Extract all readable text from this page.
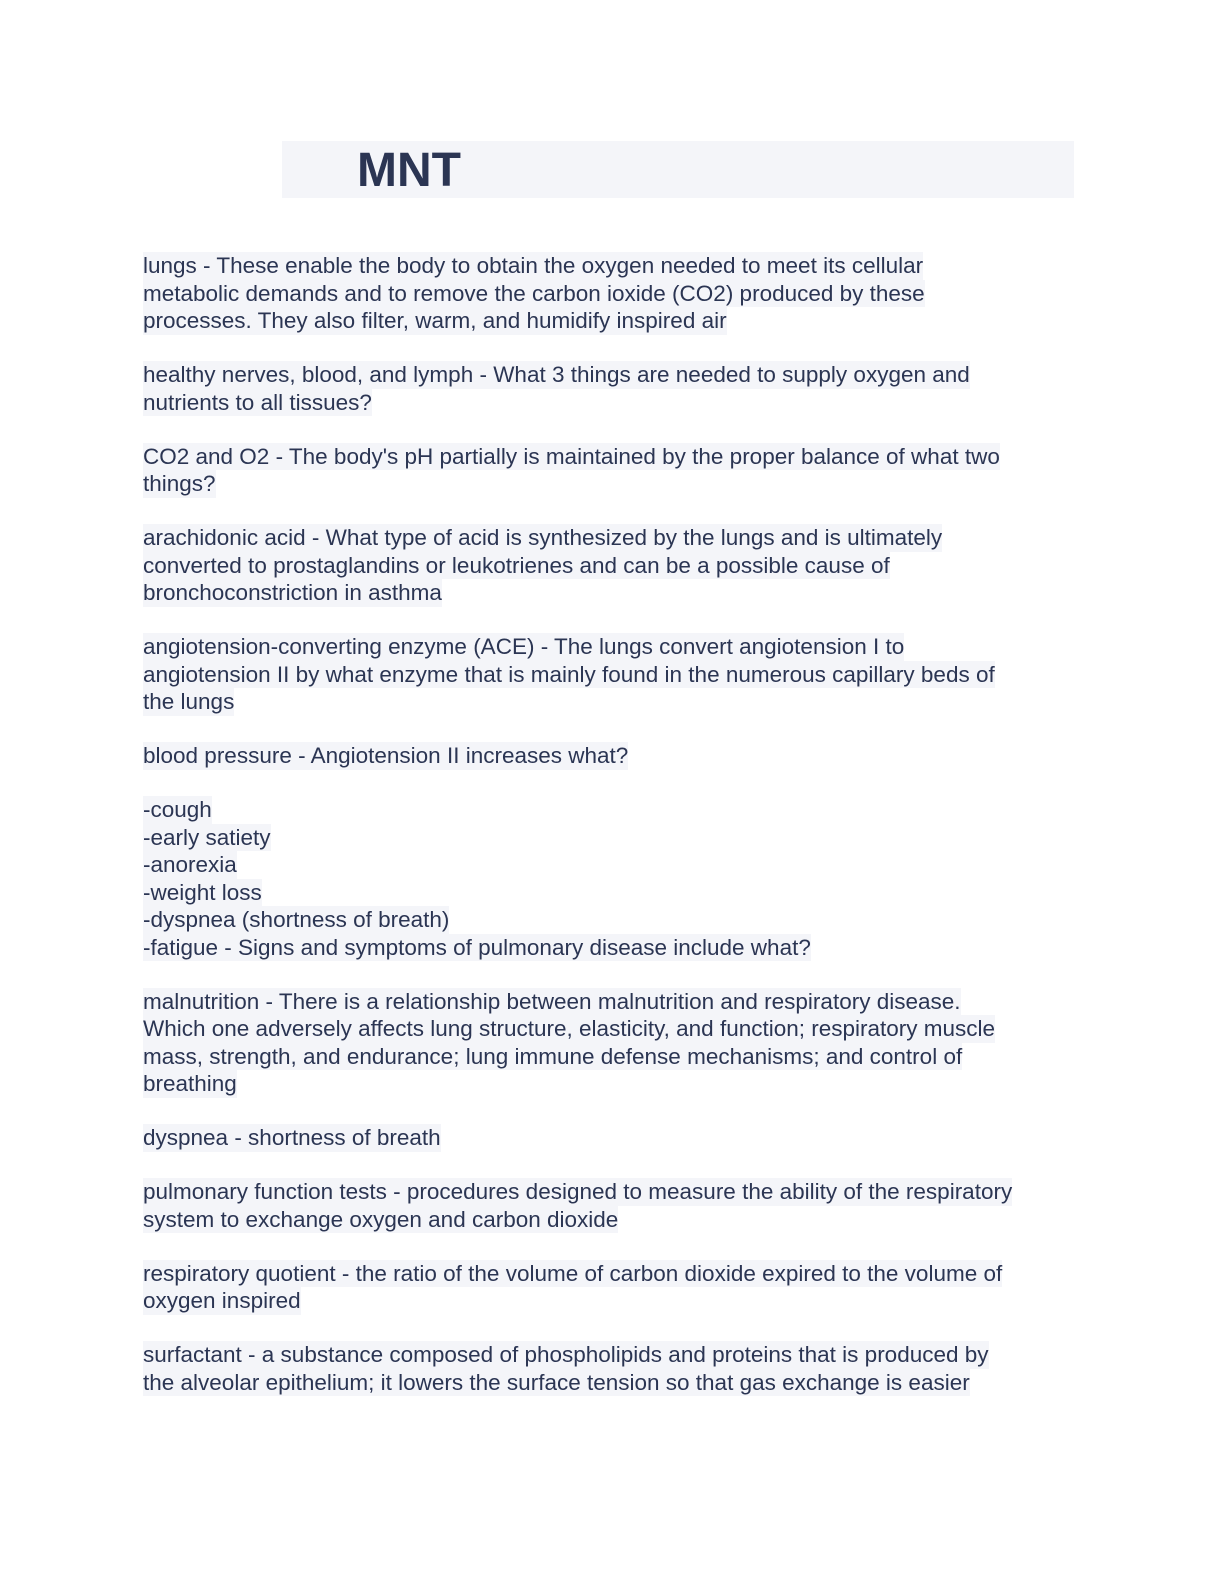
MNT
lungs - These enable the body to obtain the oxygen needed to meet its cellular
metabolic demands and to remove the carbon ioxide (CO2) produced by these
processes. They also filter, warm, and humidify inspired air
healthy nerves, blood, and lymph - What 3 things are needed to supply oxygen and
nutrients to all tissues?
CO2 and O2 - The body's pH partially is maintained by the proper balance of what two
things?
arachidonic acid - What type of acid is synthesized by the lungs and is ultimately
converted to prostaglandins or leukotrienes and can be a possible cause of
bronchoconstriction in asthma
angiotension-converting enzyme (ACE) - The lungs convert angiotension I to
angiotension II by what enzyme that is mainly found in the numerous capillary beds of
the lungs
blood pressure - Angiotension II increases what?
-cough
-early satiety
-anorexia
-weight loss
-dyspnea (shortness of breath)
-fatigue - Signs and symptoms of pulmonary disease include what?
malnutrition - There is a relationship between malnutrition and respiratory disease.
Which one adversely affects lung structure, elasticity, and function; respiratory muscle
mass, strength, and endurance; lung immune defense mechanisms; and control of
breathing
dyspnea - shortness of breath
pulmonary function tests - procedures designed to measure the ability of the respiratory
system to exchange oxygen and carbon dioxide
respiratory quotient - the ratio of the volume of carbon dioxide expired to the volume of
oxygen inspired
surfactant - a substance composed of phospholipids and proteins that is produced by
the alveolar epithelium; it lowers the surface tension so that gas exchange is easier
